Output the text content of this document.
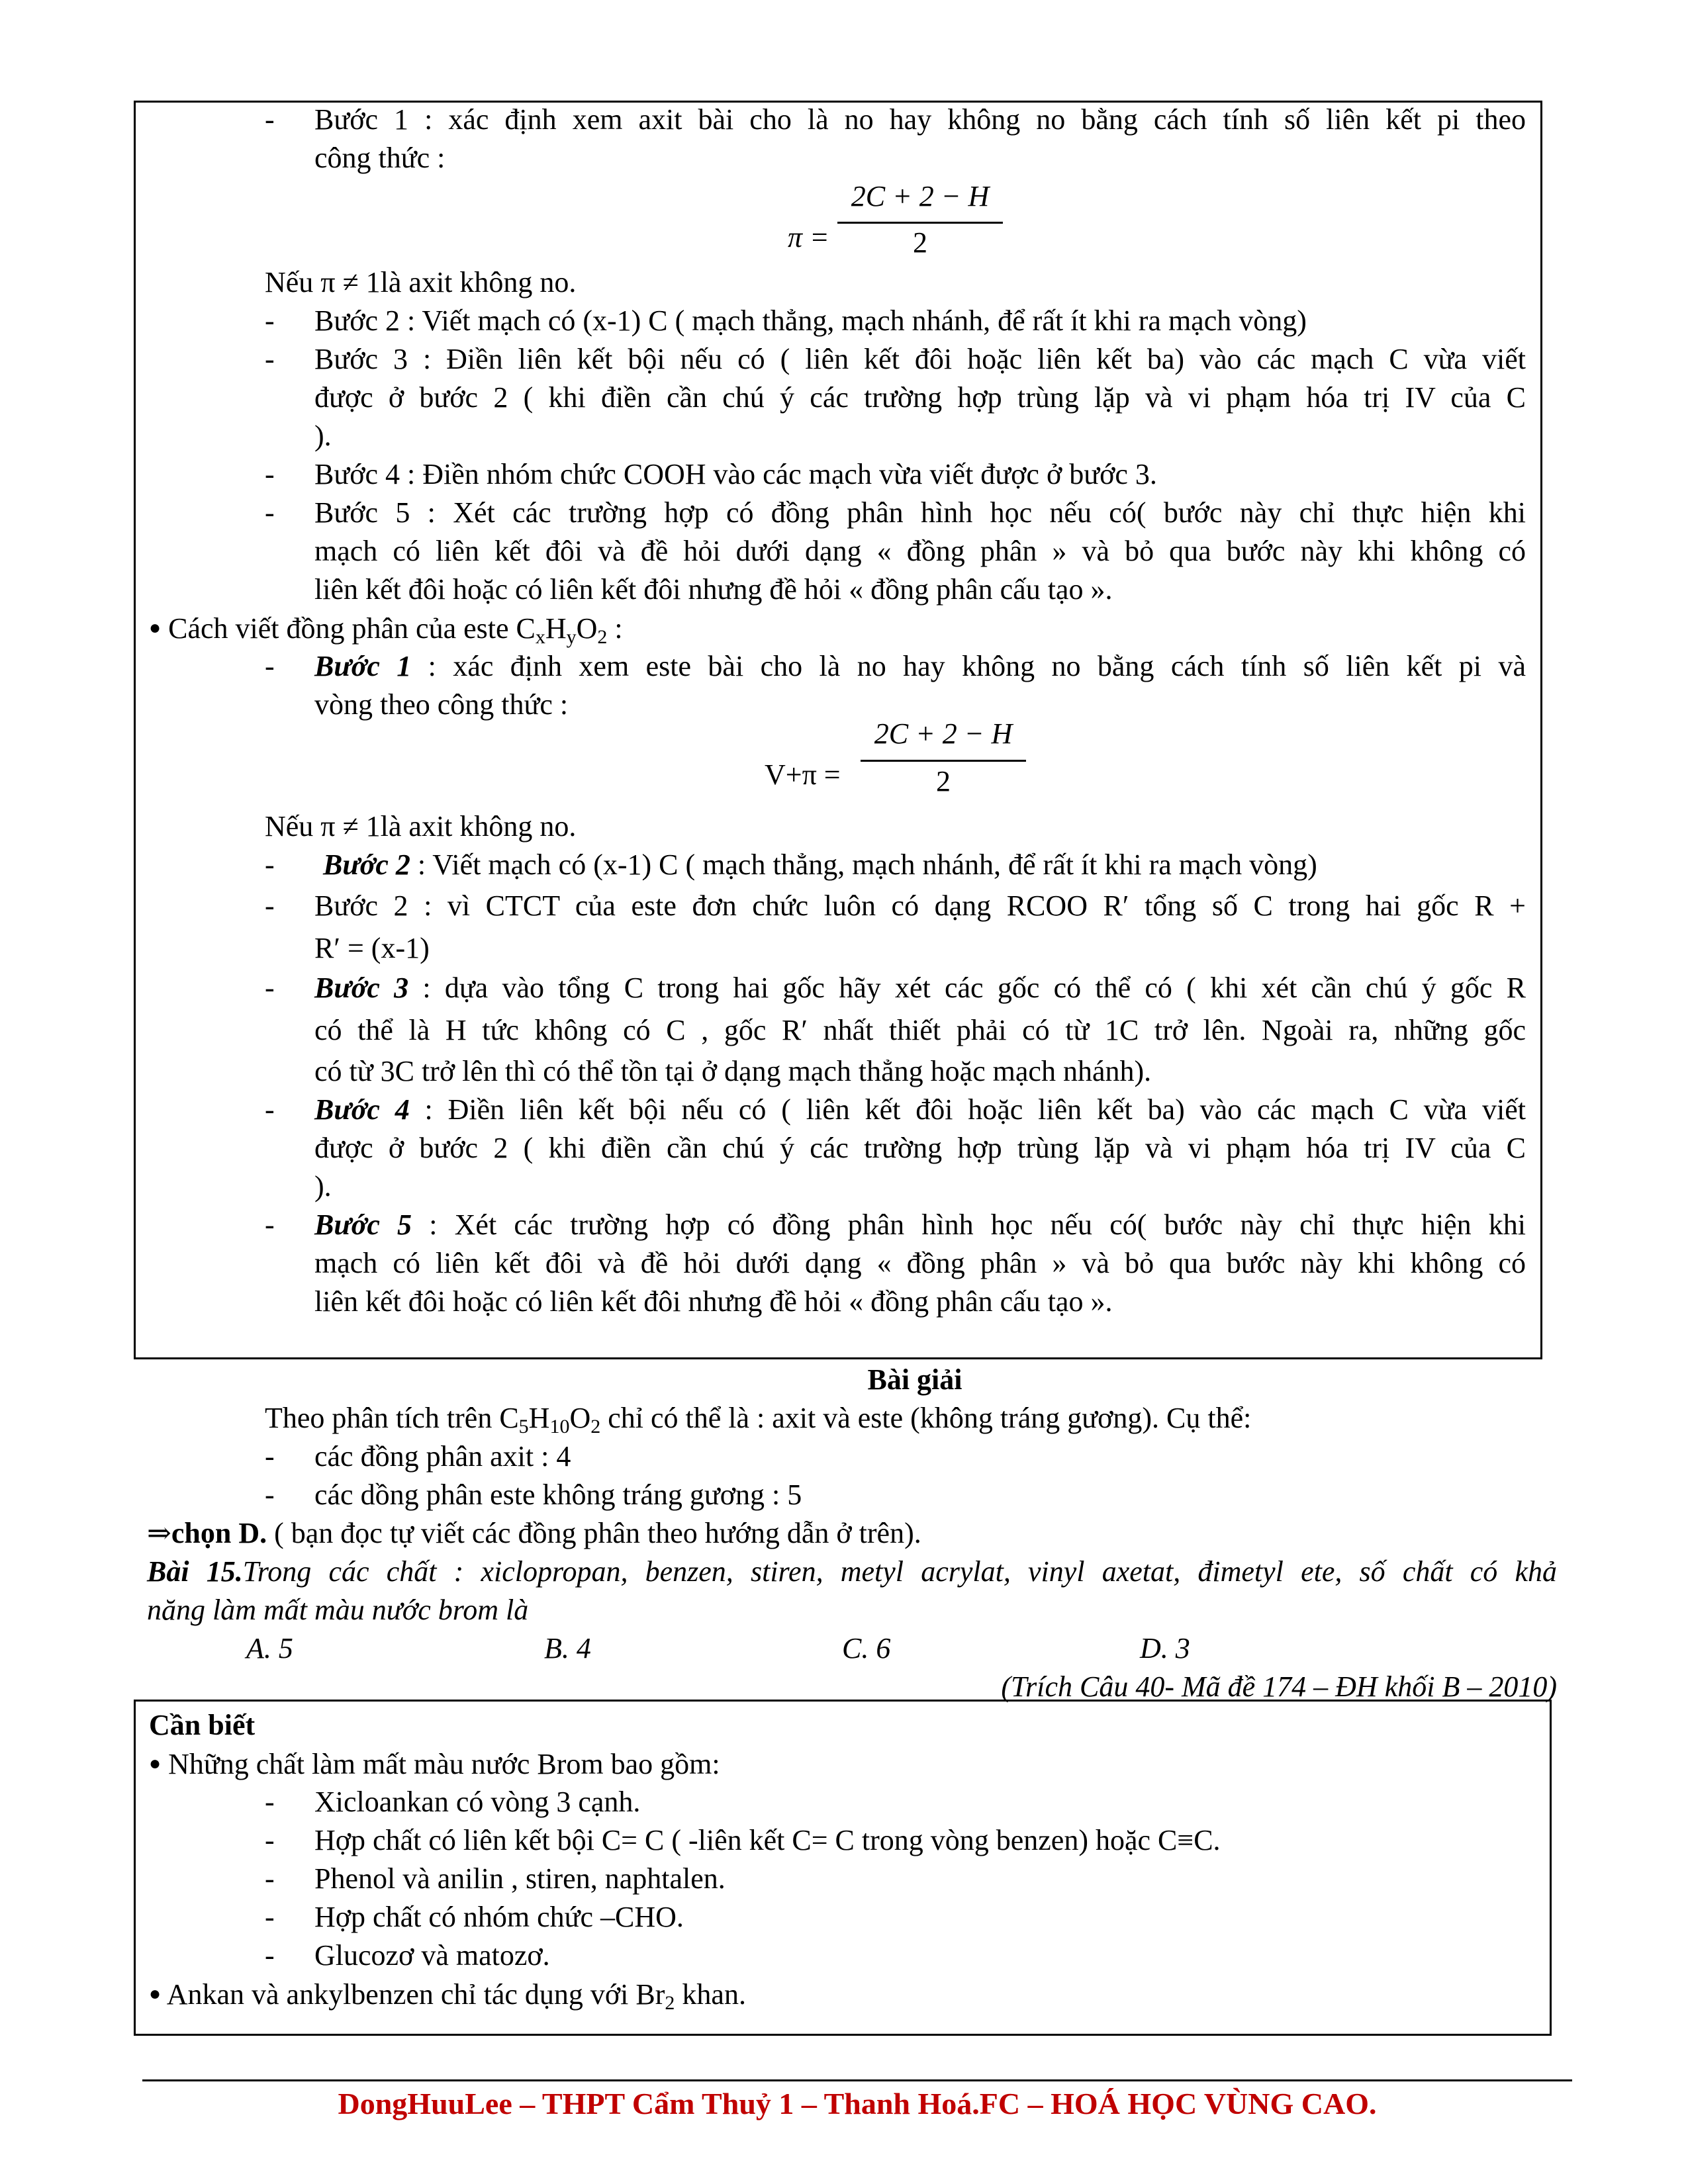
- Bước 1 : xác định xem axit bài cho là no hay không no bằng cách tính số liên kết pi theo
công thức :
π =
2C + 2 − H
2
Nếu π ≠ 1là axit không no.
- Bước 2 : Viết mạch có (x-1) C ( mạch thẳng, mạch nhánh, để rất ít khi ra mạch vòng)
- Bước 3 : Điền liên kết bội nếu có ( liên kết đôi hoặc liên kết ba) vào các mạch C vừa viết
được ở bước 2 ( khi điền cần chú ý các trường hợp trùng lặp và vi phạm hóa trị IV của C
).
- Bước 4 : Điền nhóm chức COOH vào các mạch vừa viết được ở bước 3.
- Bước 5 : Xét các trường hợp có đồng phân hình học nếu có( bước này chỉ thực hiện khi
mạch có liên kết đôi và đề hỏi dưới dạng « đồng phân » và bỏ qua bước này khi không có
liên kết đôi hoặc có liên kết đôi nhưng đề hỏi « đồng phân cấu tạo ».
● Cách viết đồng phân của este $C_xH_yO_2$ :
- Bước 1 : xác định xem este bài cho là no hay không no bằng cách tính số liên kết pi và
vòng theo công thức :
V+π =
2C + 2 − H
2
Nếu π ≠ 1là axit không no.
- Bước 2 : Viết mạch có (x-1) C ( mạch thẳng, mạch nhánh, để rất ít khi ra mạch vòng)
- Bước 2 : vì CTCT của este đơn chức luôn có dạng RCOO R′ tổng số C trong hai gốc R +
R′ = (x-1)
- Bước 3 : dựa vào tổng C trong hai gốc hãy xét các gốc có thể có ( khi xét cần chú ý gốc R
có thể là H tức không có C , gốc R′ nhất thiết phải có từ 1C trở lên. Ngoài ra, những gốc
có từ 3C trở lên thì có thể tồn tại ở dạng mạch thẳng hoặc mạch nhánh).
- Bước 4 : Điền liên kết bội nếu có ( liên kết đôi hoặc liên kết ba) vào các mạch C vừa viết
được ở bước 2 ( khi điền cần chú ý các trường hợp trùng lặp và vi phạm hóa trị IV của C
).
- Bước 5 : Xét các trường hợp có đồng phân hình học nếu có( bước này chỉ thực hiện khi
mạch có liên kết đôi và đề hỏi dưới dạng « đồng phân » và bỏ qua bước này khi không có
liên kết đôi hoặc có liên kết đôi nhưng đề hỏi « đồng phân cấu tạo ».
Bài giải
Theo phân tích trên $C_5H_{10}O_2$ chỉ có thể là : axit và este (không tráng gương). Cụ thể:
- các đồng phân axit : 4
- các dồng phân este không tráng gương : 5
⇒chọn D. ( bạn đọc tự viết các đồng phân theo hướng dẫn ở trên).
Bài 15.Trong các chất : xiclopropan, benzen, stiren, metyl acrylat, vinyl axetat, đimetyl ete, số chất có khả
năng làm mất màu nước brom là
A. 5	B. 4	C. 6	D. 3
(Trích Câu 40- Mã đề 174 – ĐH khối B – 2010)
Cần biết
● Những chất làm mất màu nước Brom bao gồm:
- Xicloankan có vòng 3 cạnh.
- Hợp chất có liên kết bội C= C ( -liên kết C= C trong vòng benzen) hoặc C≡C.
- Phenol và anilin , stiren, naphtalen.
- Hợp chất có nhóm chức –CHO.
- Glucozơ và matozơ.
● Ankan và ankylbenzen chỉ tác dụng với $Br_2$ khan.
DongHuuLee – THPT Cẩm Thuỷ 1 – Thanh Hoá.FC – HOÁ HỌC VÙNG CAO.
